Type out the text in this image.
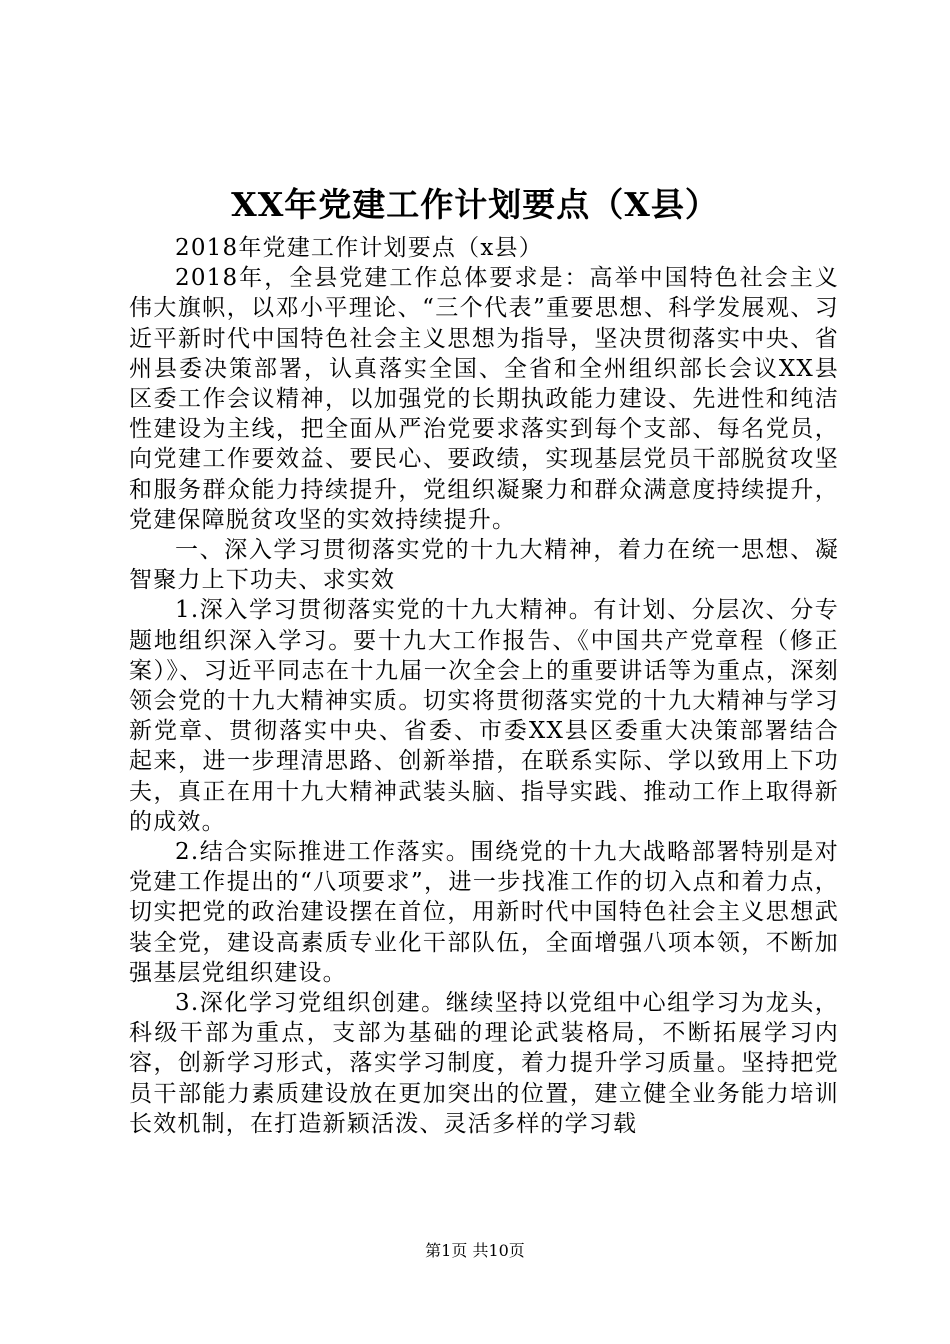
XX年党建工作计划要点（X县）

2018年党建工作计划要点（x县）

2018年，全县党建工作总体要求是：高举中国特色社会主义伟大旗帜，以邓小平理论、“三个代表”重要思想、科学发展观、习近平新时代中国特色社会主义思想为指导，坚决贯彻落实中央、省州县委决策部署，认真落实全国、全省和全州组织部长会议XX县区委工作会议精神，以加强党的长期执政能力建设、先进性和纯洁性建设为主线，把全面从严治党要求落实到每个支部、每名党员，向党建工作要效益、要民心、要政绩，实现基层党员干部脱贫攻坚和服务群众能力持续提升，党组织凝聚力和群众满意度持续提升，党建保障脱贫攻坚的实效持续提升。

一、深入学习贯彻落实党的十九大精神，着力在统一思想、凝智聚力上下功夫、求实效

1.深入学习贯彻落实党的十九大精神。有计划、分层次、分专题地组织深入学习。要十九大工作报告、《中国共产党章程（修正案）》、习近平同志在十九届一次全会上的重要讲话等为重点，深刻领会党的十九大精神实质。切实将贯彻落实党的十九大精神与学习新党章、贯彻落实中央、省委、市委XX县区委重大决策部署结合起来，进一步理清思路、创新举措，在联系实际、学以致用上下功夫，真正在用十九大精神武装头脑、指导实践、推动工作上取得新的成效。

2.结合实际推进工作落实。围绕党的十九大战略部署特别是对党建工作提出的“八项要求”，进一步找准工作的切入点和着力点，切实把党的政治建设摆在首位，用新时代中国特色社会主义思想武装全党，建设高素质专业化干部队伍，全面增强八项本领，不断加强基层党组织建设。

3.深化学习党组织创建。继续坚持以党组中心组学习为龙头，科级干部为重点，支部为基础的理论武装格局，不断拓展学习内容，创新学习形式，落实学习制度，着力提升学习质量。坚持把党员干部能力素质建设放在更加突出的位置，建立健全业务能力培训长效机制，在打造新颖活泼、灵活多样的学习载

第1页 共10页
